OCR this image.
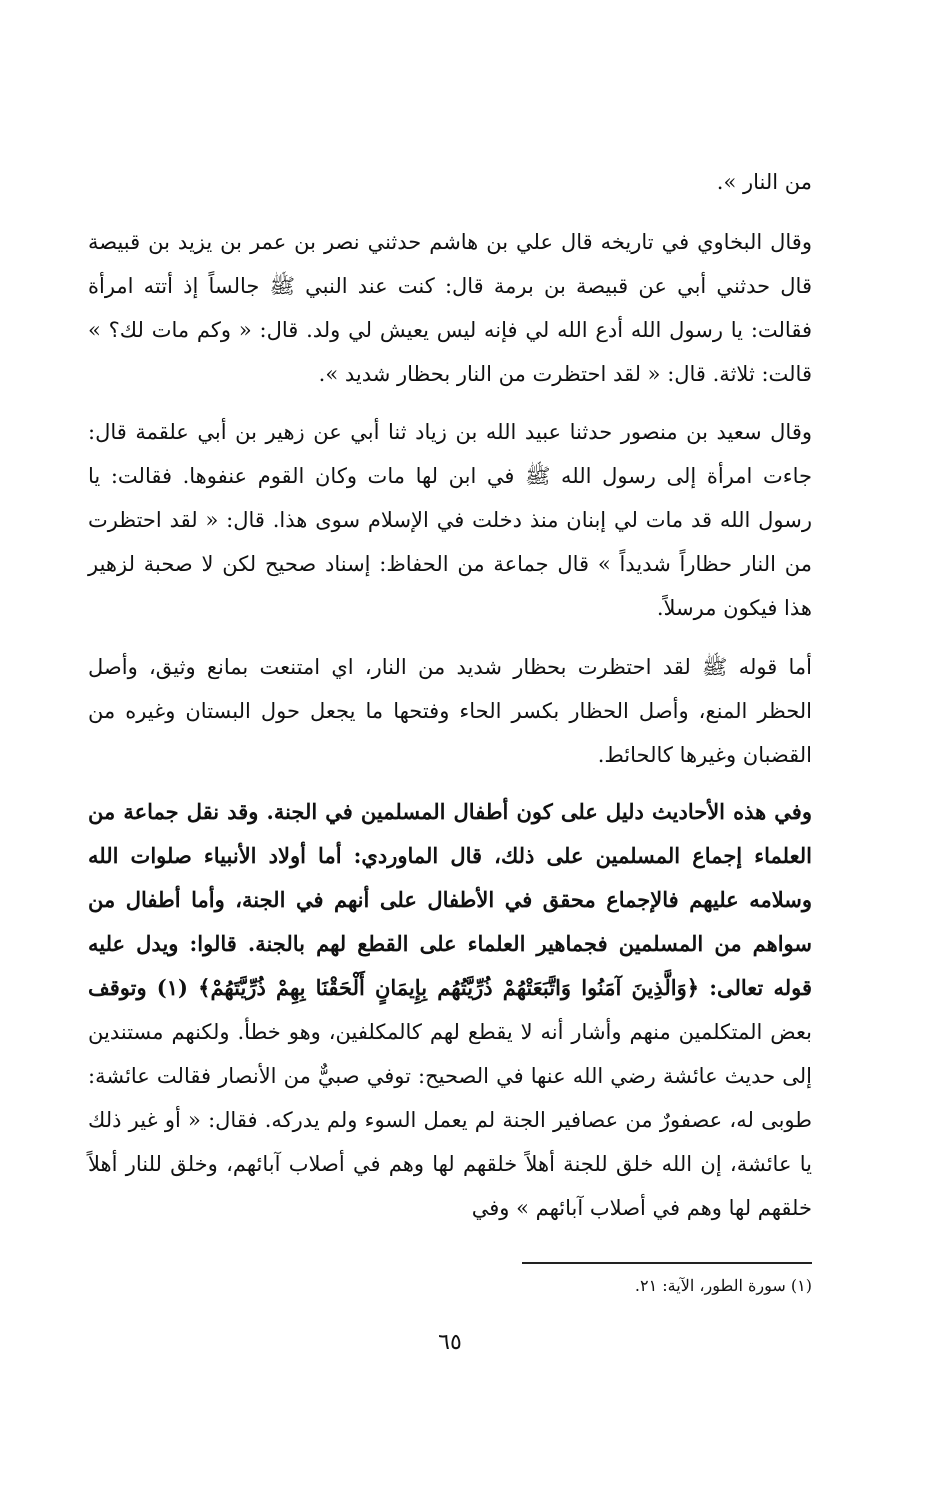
من النار ».

وقال البخاوي في تاريخه قال علي بن هاشم حدثني نصر بن عمر بن يزيد بن قبيصة قال حدثني أبي عن قبيصة بن برمة قال: كنت عند النبي ﷺ جالساً إذ أتته امرأة فقالت: يا رسول الله أدع الله لي فإنه ليس يعيش لي ولد. قال: « وكم مات لك؟ » قالت: ثلاثة. قال: « لقد احتظرت من النار بحظار شديد ».

وقال سعيد بن منصور حدثنا عبيد الله بن زياد ثنا أبي عن زهير بن أبي علقمة قال: جاءت امرأة إلى رسول الله ﷺ في ابن لها مات وكان القوم عنفوها. فقالت: يا رسول الله قد مات لي إبنان منذ دخلت في الإسلام سوى هذا. قال: « لقد احتظرت من النار حظاراً شديداً » قال جماعة من الحفاظ: إسناد صحيح لكن لا صحبة لزهير هذا فيكون مرسلاً.

أما قوله ﷺ لقد احتظرت بحظار شديد من النار، اي امتنعت بمانع وثيق، وأصل الحظر المنع، وأصل الحظار بكسر الحاء وفتحها ما يجعل حول البستان وغيره من القضبان وغيرها كالحائط.

وفي هذه الأحاديث دليل على كون أطفال المسلمين في الجنة. وقد نقل جماعة من العلماء إجماع المسلمين على ذلك، قال الماوردي: أما أولاد الأنبياء صلوات الله وسلامه عليهم فالإجماع محقق في الأطفال على أنهم في الجنة، وأما أطفال من سواهم من المسلمين فجماهير العلماء على القطع لهم بالجنة. قالوا: ويدل عليه قوله تعالى: ﴿وَالَّذِينَ آمَنُوا وَاتَّبَعَتْهُمْ ذُرِّيَّتُهُم بِإِيمَانٍ أَلْحَقْنَا بِهِمْ ذُرِّيَّتَهُمْ﴾ (١) وتوقف بعض المتكلمين منهم وأشار أنه لا يقطع لهم كالمكلفين، وهو خطأ. ولكنهم مستندين إلى حديث عائشة رضي الله عنها في الصحيح: توفي صبيٌّ من الأنصار فقالت عائشة: طوبى له، عصفورٌ من عصافير الجنة لم يعمل السوء ولم يدركه. فقال: « أو غير ذلك يا عائشة، إن الله خلق للجنة أهلاً خلقهم لها وهم في أصلاب آبائهم، وخلق للنار أهلاً خلقهم لها وهم في أصلاب آبائهم » وفي

(١) سورة الطور، الآية: ٢١.
٦٥
